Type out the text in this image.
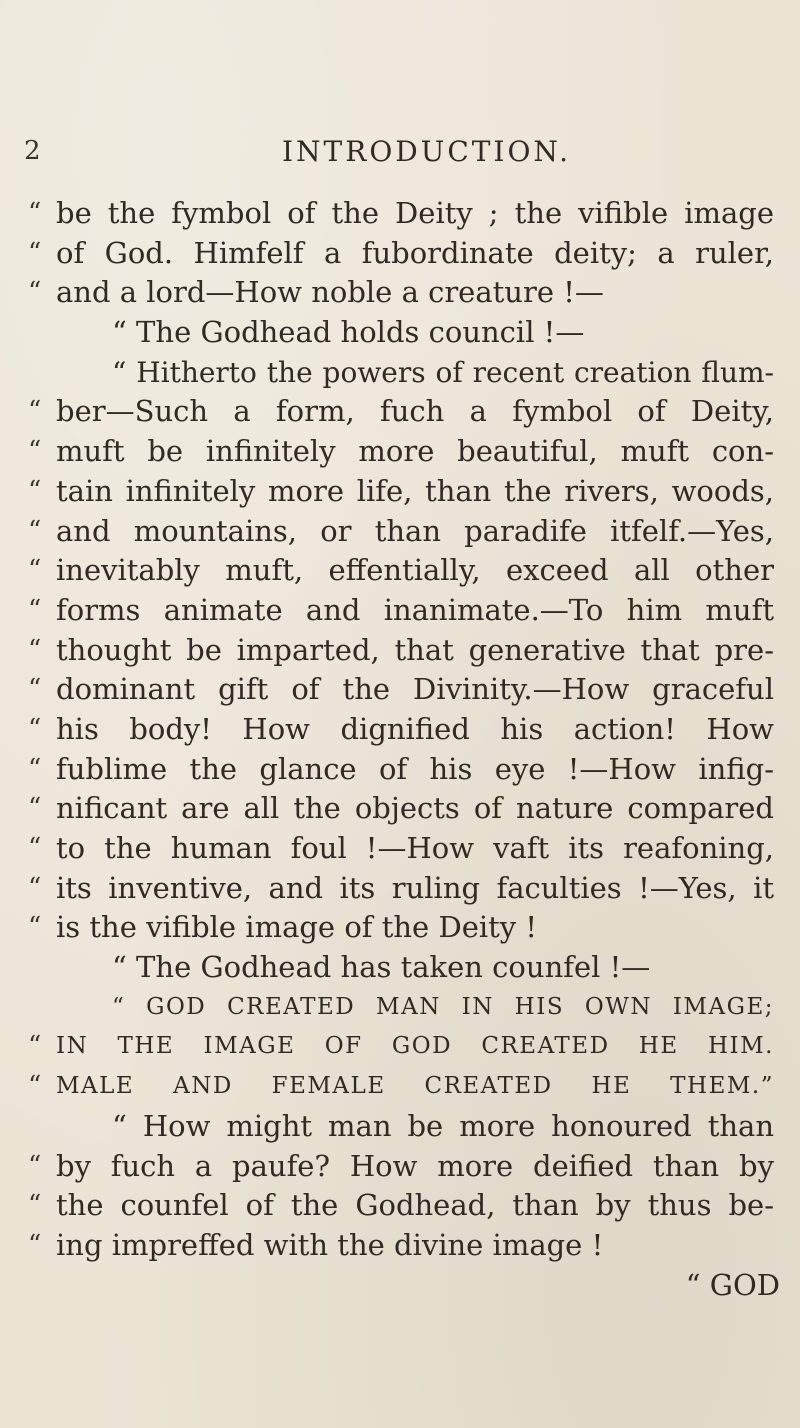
2	INTRODUCTION.
“ be the fymbol of the Deity ; the vifible image
“ of God. Himfelf a fubordinate deity; a ruler,
“ and a lord—How noble a creature !—
“ The Godhead holds council !—
“ Hitherto the powers of recent creation flum-
“ ber—Such a form, fuch a fymbol of Deity,
“ muft be infinitely more beautiful, muft con-
“ tain infinitely more life, than the rivers, woods,
“ and mountains, or than paradife itfelf.—Yes,
“ inevitably muft, effentially, exceed all other
“ forms animate and inanimate.—To him muft
“ thought be imparted, that generative that pre-
“ dominant gift of the Divinity.—How graceful
“ his body! How dignified his action! How
“ fublime the glance of his eye !—How infig-
“ nificant are all the objects of nature compared
“ to the human foul !—How vaft its reafoning,
“ its inventive, and its ruling faculties !—Yes, it
“ is the vifible image of the Deity !
“ The Godhead has taken counfel !—
“ GOD CREATED MAN IN HIS OWN IMAGE;
“ IN THE IMAGE OF GOD CREATED HE HIM.
“ MALE AND FEMALE CREATED HE THEM.”
“ How might man be more honoured than
“ by fuch a paufe? How more deified than by
“ the counfel of the Godhead, than by thus be-
“ ing impreffed with the divine image !
“ GOD
